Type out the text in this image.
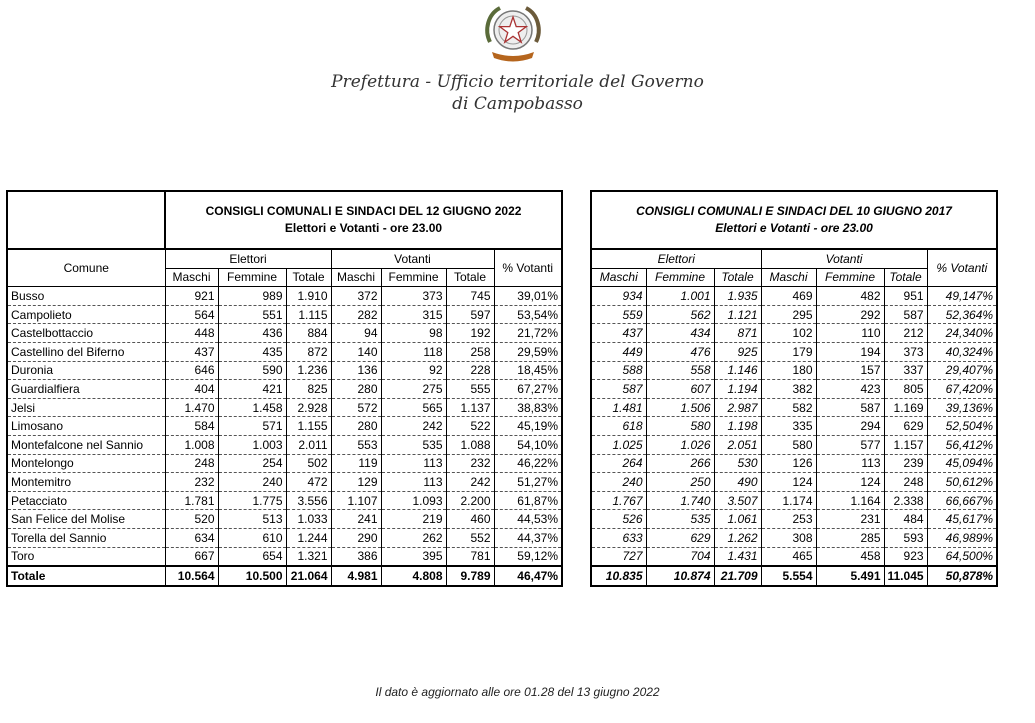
Prefettura - Ufficio territoriale del Governo
di Campobasso

	CONSIGLI COMUNALI E SINDACI DEL 12 GIUGNO 2022
Elettori e Votanti - ore 23.00						

Comune	Elettori			Votanti			% Votanti
	Maschi	Femmine	Totale	Maschi	Femmine	Totale	
Busso	921	989	1.910	372	373	745	39,01%
Campolieto	564	551	1.115	282	315	597	53,54%
Castelbottaccio	448	436	884	94	98	192	21,72%
Castellino del Biferno	437	435	872	140	118	258	29,59%
Duronia	646	590	1.236	136	92	228	18,45%
Guardialfiera	404	421	825	280	275	555	67,27%
Jelsi	1.470	1.458	2.928	572	565	1.137	38,83%
Limosano	584	571	1.155	280	242	522	45,19%
Montefalcone nel Sannio	1.008	1.003	2.011	553	535	1.088	54,10%
Montelongo	248	254	502	119	113	232	46,22%
Montemitro	232	240	472	129	113	242	51,27%
Petacciato	1.781	1.775	3.556	1.107	1.093	2.200	61,87%
San Felice del Molise	520	513	1.033	241	219	460	44,53%
Torella del Sannio	634	610	1.244	290	262	552	44,37%
Toro	667	654	1.321	386	395	781	59,12%
Totale	10.564	10.500	21.064	4.981	4.808	9.789	46,47%
CONSIGLI COMUNALI E SINDACI DEL 10 GIUGNO 2017
Elettori e Votanti - ore 23.00						

Elettori			Votanti			% Votanti
Maschi	Femmine	Totale	Maschi	Femmine	Totale	
934	1.001	1.935	469	482	951	49,147%
559	562	1.121	295	292	587	52,364%
437	434	871	102	110	212	24,340%
449	476	925	179	194	373	40,324%
588	558	1.146	180	157	337	29,407%
587	607	1.194	382	423	805	67,420%
1.481	1.506	2.987	582	587	1.169	39,136%
618	580	1.198	335	294	629	52,504%
1.025	1.026	2.051	580	577	1.157	56,412%
264	266	530	126	113	239	45,094%
240	250	490	124	124	248	50,612%
1.767	1.740	3.507	1.174	1.164	2.338	66,667%
526	535	1.061	253	231	484	45,617%
633	629	1.262	308	285	593	46,989%
727	704	1.431	465	458	923	64,500%
10.835	10.874	21.709	5.554	5.491	11.045	50,878%
Il dato è aggiornato alle ore 01.28 del 13 giugno 2022
